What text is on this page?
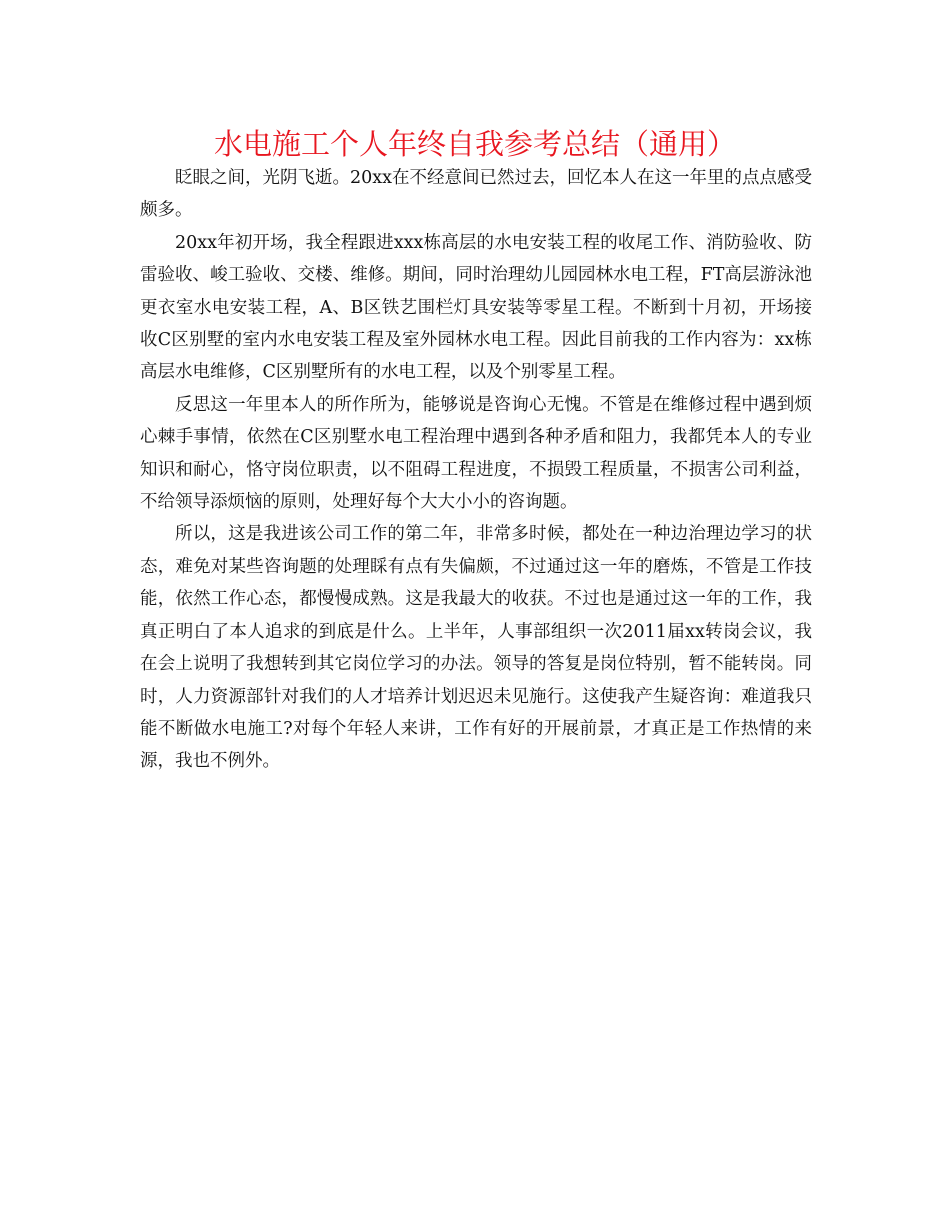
水电施工个人年终自我参考总结（通用）

眨眼之间，光阴飞逝。20xx在不经意间已然过去，回忆本人在这一年里的点点感受颇多。

20xx年初开场，我全程跟进xxx栋高层的水电安装工程的收尾工作、消防验收、防雷验收、峻工验收、交楼、维修。期间，同时治理幼儿园园林水电工程，FT高层游泳池更衣室水电安装工程，A、B区铁艺围栏灯具安装等零星工程。不断到十月初，开场接收C区别墅的室内水电安装工程及室外园林水电工程。因此目前我的工作内容为：xx栋高层水电维修，C区别墅所有的水电工程，以及个别零星工程。

反思这一年里本人的所作所为，能够说是咨询心无愧。不管是在维修过程中遇到烦心棘手事情，依然在C区别墅水电工程治理中遇到各种矛盾和阻力，我都凭本人的专业知识和耐心，恪守岗位职责，以不阻碍工程进度，不损毁工程质量，不损害公司利益，不给领导添烦恼的原则，处理好每个大大小小的咨询题。

所以，这是我进该公司工作的第二年，非常多时候，都处在一种边治理边学习的状态，难免对某些咨询题的处理睬有点有失偏颇，不过通过这一年的磨炼，不管是工作技能，依然工作心态，都慢慢成熟。这是我最大的收获。不过也是通过这一年的工作，我真正明白了本人追求的到底是什么。上半年，人事部组织一次2011届xx转岗会议，我在会上说明了我想转到其它岗位学习的办法。领导的答复是岗位特别，暂不能转岗。同时，人力资源部针对我们的人才培养计划迟迟未见施行。这使我产生疑咨询：难道我只能不断做水电施工?对每个年轻人来讲，工作有好的开展前景，才真正是工作热情的来源，我也不例外。
